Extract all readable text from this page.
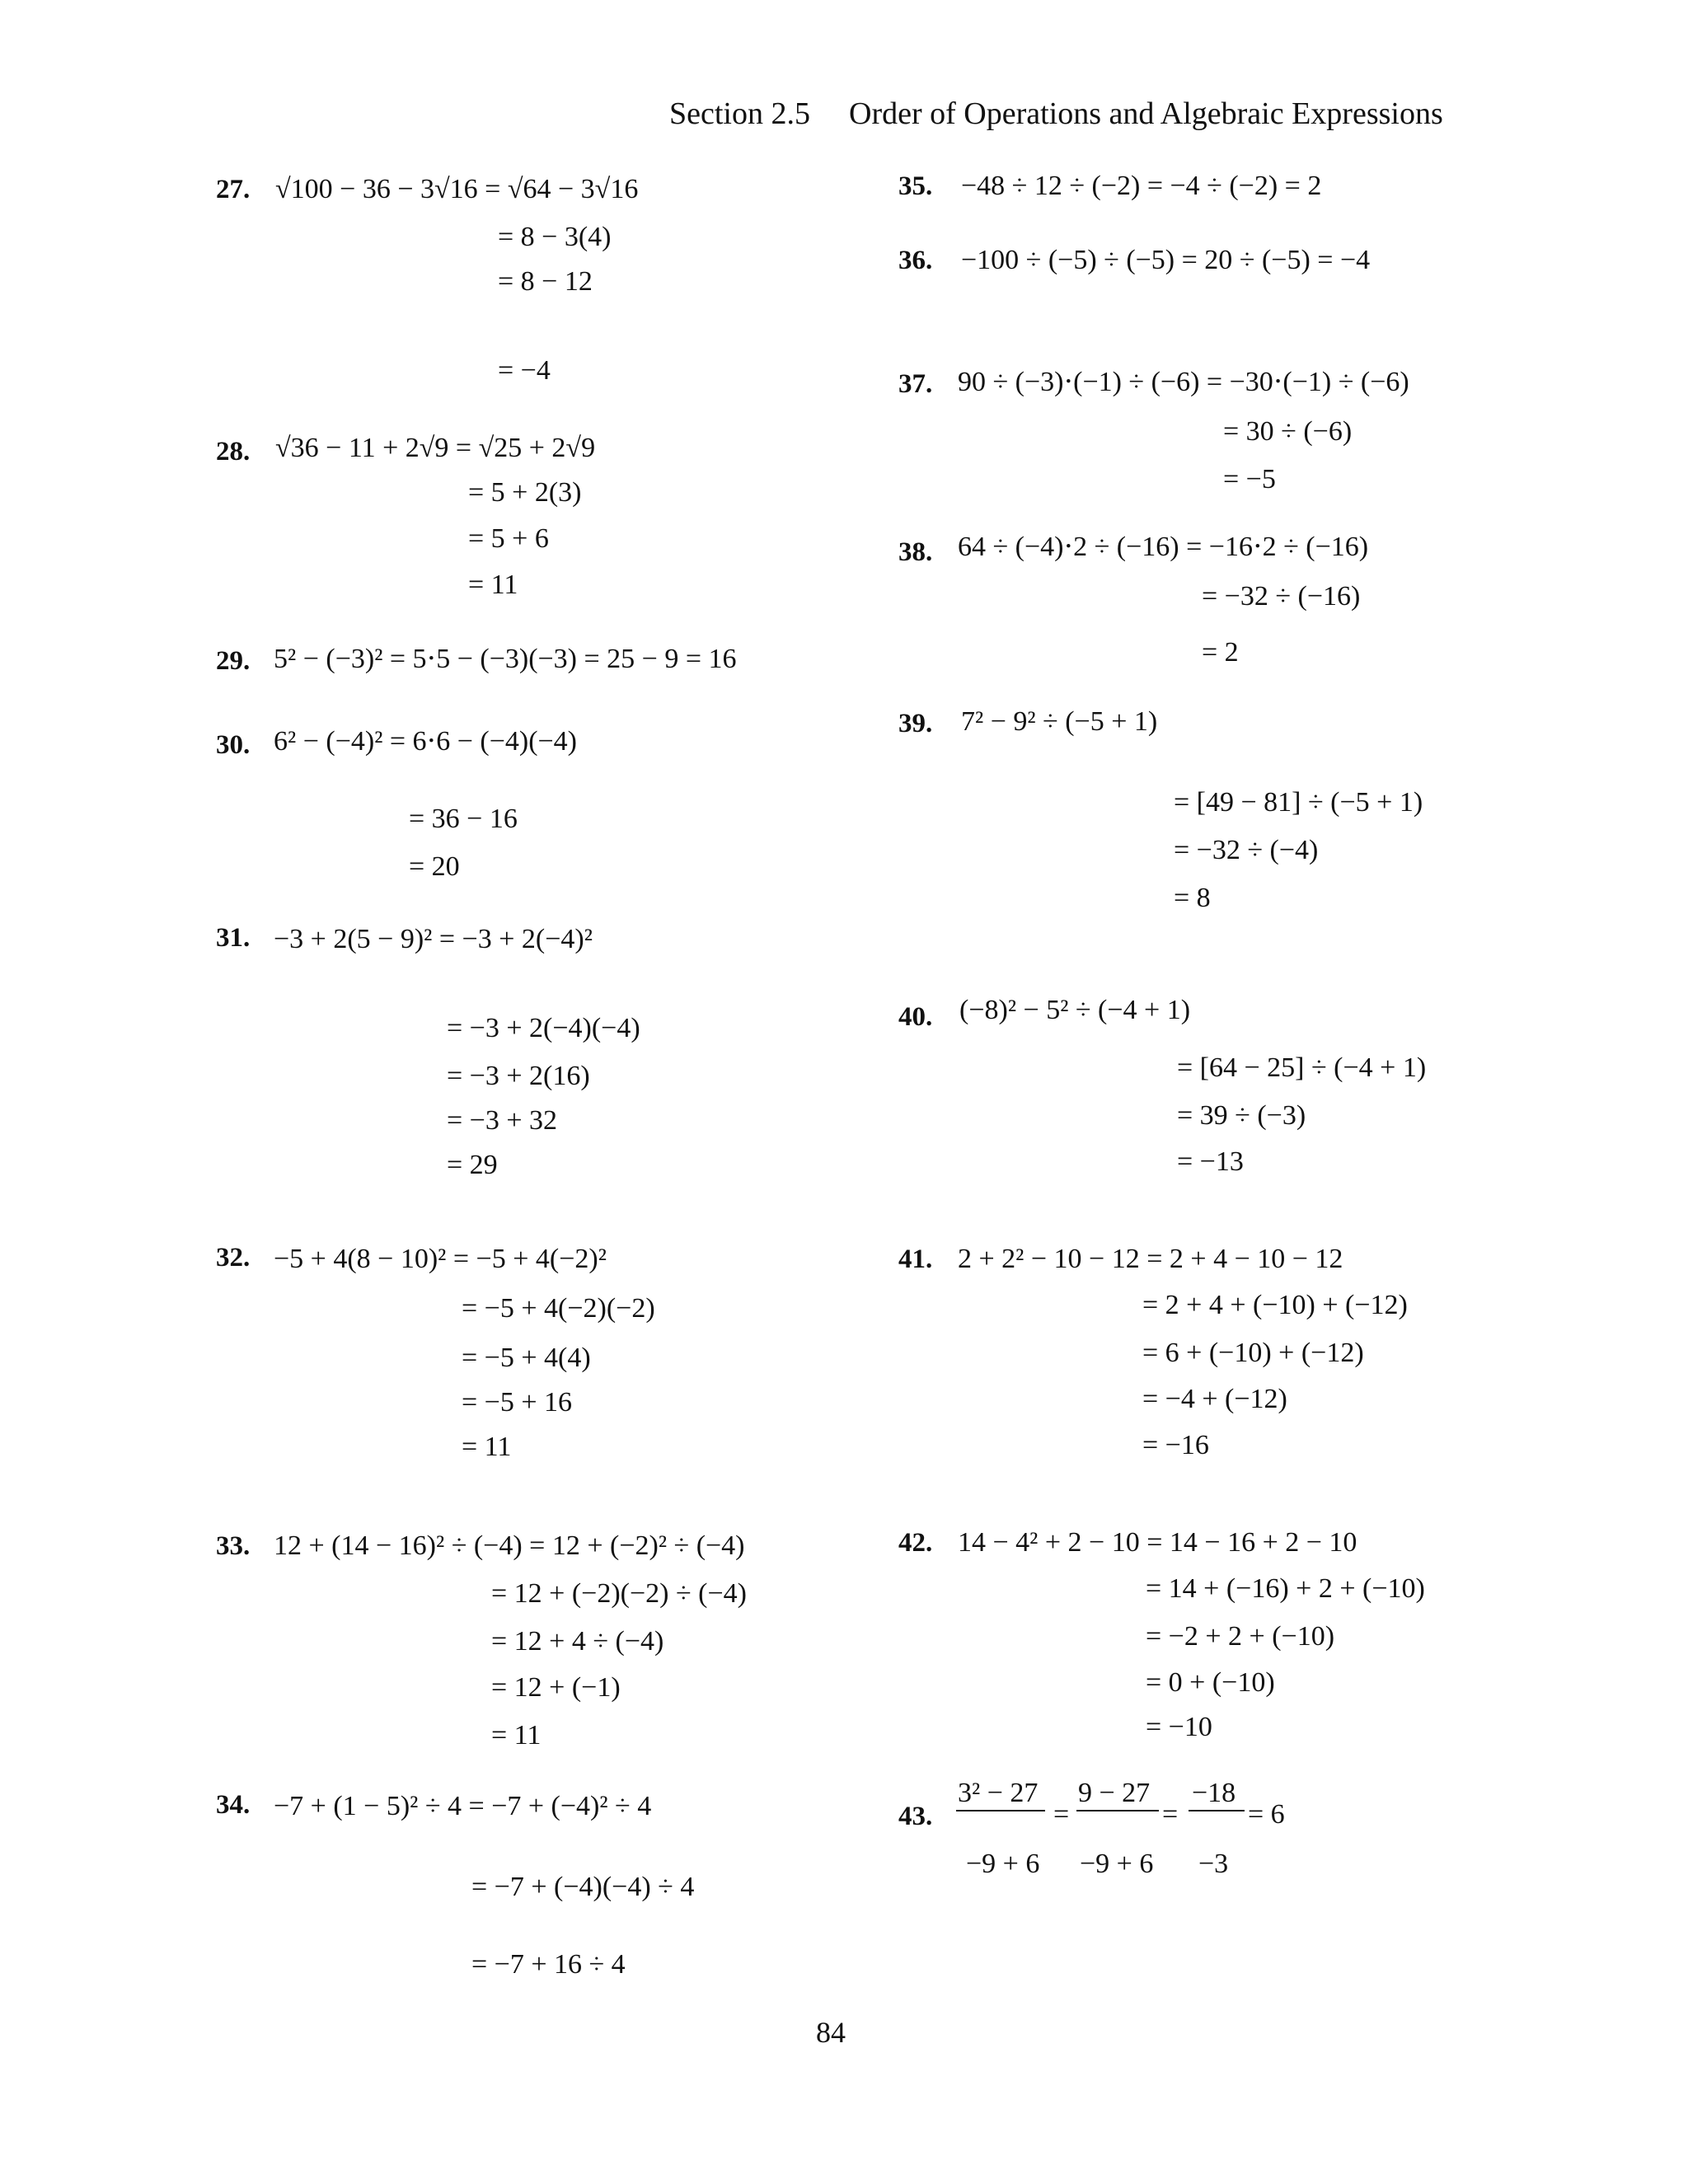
Section 2.5 Order of Operations and Algebraic Expressions
27. √100 − 36 − 3√16 = √64 − 3√16
= 8 − 3(4)
= 8 − 12
= −4
28. √36 − 11 + 2√9 = √25 + 2√9
= 5 + 2(3)
= 5 + 6
= 11
29. 5² − (−3)² = 5⋅5 − (−3)(−3) = 25 − 9 = 16
30. 6² − (−4)² = 6⋅6 − (−4)(−4)
= 36 − 16
= 20
31. −3 + 2(5 − 9)² = −3 + 2(−4)²
= −3 + 2(−4)(−4)
= −3 + 2(16)
= −3 + 32
= 29
32. −5 + 4(8 − 10)² = −5 + 4(−2)²
= −5 + 4(−2)(−2)
= −5 + 4(4)
= −5 + 16
= 11
33. 12 + (14 − 16)² ÷ (−4) = 12 + (−2)² ÷ (−4)
= 12 + (−2)(−2) ÷ (−4)
= 12 + 4 ÷ (−4)
= 12 + (−1)
= 11
34. −7 + (1 − 5)² ÷ 4 = −7 + (−4)² ÷ 4
= −7 + (−4)(−4) ÷ 4
= −7 + 16 ÷ 4
35. −48 ÷ 12 ÷ (−2) = −4 ÷ (−2) = 2
36. −100 ÷ (−5) ÷ (−5) = 20 ÷ (−5) = −4
37. 90 ÷ (−3)⋅(−1) ÷ (−6) = −30⋅(−1) ÷ (−6)
= 30 ÷ (−6)
= −5
38. 64 ÷ (−4)⋅2 ÷ (−16) = −16⋅2 ÷ (−16)
= −32 ÷ (−16)
= 2
39. 7² − 9² ÷ (−5 + 1)
= [49 − 81] ÷ (−5 + 1)
= −32 ÷ (−4)
= 8
40. (−8)² − 5² ÷ (−4 + 1)
= [64 − 25] ÷ (−4 + 1)
= 39 ÷ (−3)
= −13
41. 2 + 2² − 10 − 12 = 2 + 4 − 10 − 12
= 2 + 4 + (−10) + (−12)
= 6 + (−10) + (−12)
= −4 + (−12)
= −16
42. 14 − 4² + 2 − 10 = 14 − 16 + 2 − 10
= 14 + (−16) + 2 + (−10)
= −2 + 2 + (−10)
= 0 + (−10)
= −10
43.
3² − 27
−9 + 6
=
9 − 27
−9 + 6
=
−18
−3
= 6
84
